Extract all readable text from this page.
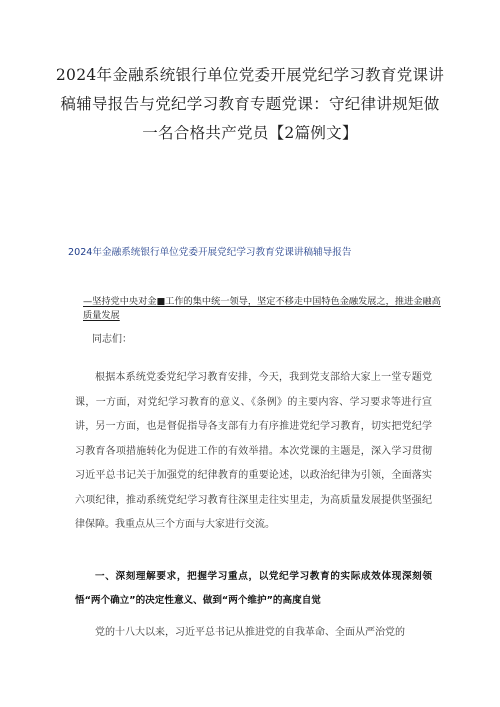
2024年金融系统银行单位党委开展党纪学习教育党课讲稿辅导报告与党纪学习教育专题党课：守纪律讲规矩做一名合格共产党员【2篇例文】
2024年金融系统银行单位党委开展党纪学习教育党课讲稿辅导报告
—坚持党中央对金■工作的集中统一领导，坚定不移走中国特色金融发展之，推进金融高质量发展
同志们：

根据本系统党委党纪学习教育安排，今天，我到党支部给大家上一堂专题党课，一方面，对党纪学习教育的意义、《条例》的主要内容、学习要求等进行宣讲，另一方面，也是督促指导各支部有力有序推进党纪学习教育，切实把党纪学习教育各项措施转化为促进工作的有效举措。本次党课的主题是，深入学习贯彻习近平总书记关于加强党的纪律教育的重要论述，以政治纪律为引领，全面落实六项纪律，推动系统党纪学习教育往深里走往实里走，为高质量发展提供坚强纪律保障。我重点从三个方面与大家进行交流。

一、深刻理解要求，把握学习重点，以党纪学习教育的实际成效体现深刻领悟“两个确立”的决定性意义、做到“两个维护”的高度自觉

党的十八大以来，习近平总书记从推进党的自我革命、全面从严治党的
